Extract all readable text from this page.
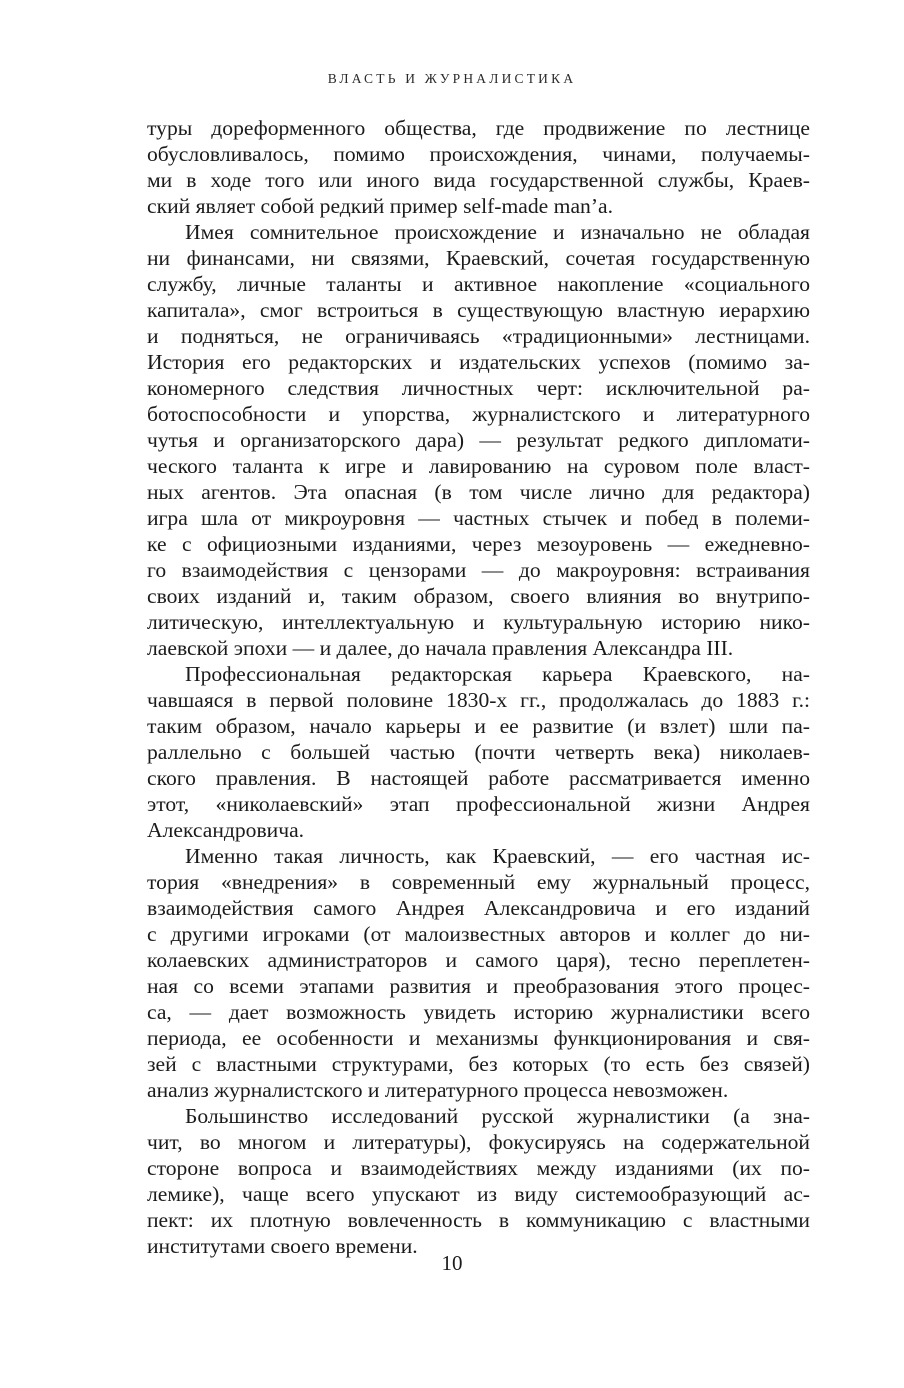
ВЛАСТЬ И ЖУРНАЛИСТИКА
туры дореформенного общества, где продвижение по лестнице
обусловливалось, помимо происхождения, чинами, получаемы-
ми в ходе того или иного вида государственной службы, Краев-
ский являет собой редкий пример self-made man’a.
Имея сомнительное происхождение и изначально не обладая
ни финансами, ни связями, Краевский, сочетая государственную
службу, личные таланты и активное накопление «социального
капитала», смог встроиться в существующую властную иерархию
и подняться, не ограничиваясь «традиционными» лестницами.
История его редакторских и издательских успехов (помимо за-
кономерного следствия личностных черт: исключительной ра-
ботоспособности и упорства, журналистского и литературного
чутья и организаторского дара) — результат редкого дипломати-
ческого таланта к игре и лавированию на суровом поле власт-
ных агентов. Эта опасная (в том числе лично для редактора)
игра шла от микроуровня — частных стычек и побед в полеми-
ке с официозными изданиями, через мезоуровень — ежедневно-
го взаимодействия с цензорами — до макроуровня: встраивания
своих изданий и, таким образом, своего влияния во внутрипо-
литическую, интеллектуальную и культуральную историю нико-
лаевской эпохи — и далее, до начала правления Александра III.
Профессиональная редакторская карьера Краевского, на-
чавшаяся в первой половине 1830-х гг., продолжалась до 1883 г.:
таким образом, начало карьеры и ее развитие (и взлет) шли па-
раллельно с большей частью (почти четверть века) николаев-
ского правления. В настоящей работе рассматривается именно
этот, «николаевский» этап профессиональной жизни Андрея
Александровича.
Именно такая личность, как Краевский, — его частная ис-
тория «внедрения» в современный ему журнальный процесс,
взаимодействия самого Андрея Александровича и его изданий
с другими игроками (от малоизвестных авторов и коллег до ни-
колаевских администраторов и самого царя), тесно переплетен-
ная со всеми этапами развития и преобразования этого процес-
са, — дает возможность увидеть историю журналистики всего
периода, ее особенности и механизмы функционирования и свя-
зей с властными структурами, без которых (то есть без связей)
анализ журналистского и литературного процесса невозможен.
Большинство исследований русской журналистики (а зна-
чит, во многом и литературы), фокусируясь на содержательной
стороне вопроса и взаимодействиях между изданиями (их по-
лемике), чаще всего упускают из виду системообразующий ас-
пект: их плотную вовлеченность в коммуникацию с властными
институтами своего времени.
10
